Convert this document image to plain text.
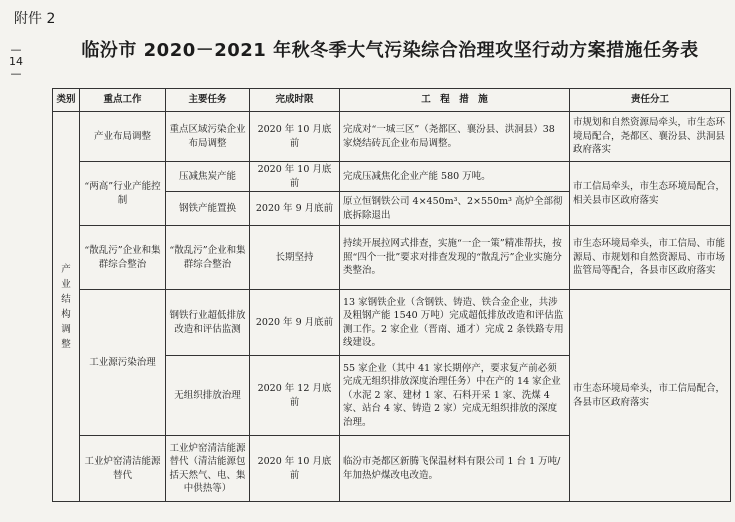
附件 2
— 14 —
临汾市 2020－2021 年秋冬季大气污染综合治理攻坚行动方案措施任务表
类别	重点工作	主要任务	完成时限	工　程　措　施	责任分工
产业结构调整	产业布局调整	重点区域污染企业布局调整	2020 年 10 月底前	完成对“一城三区”（尧都区、襄汾县、洪洞县）38 家烧结砖瓦企业布局调整。	市规划和自然资源局牵头，市生态环境局配合，尧都区、襄汾县、洪洞县政府落实
	“两高”行业产能控制	压减焦炭产能	2020 年 10 月底前	完成压减焦化企业产能 580 万吨。	市工信局牵头，市生态环境局配合，相关县市区政府落实
		钢铁产能置换	2020 年 9 月底前	原立恒钢铁公司 4×450m³、2×550m³ 高炉全部彻底拆除退出	
	“散乱污”企业和集群综合整治	“散乱污”企业和集群综合整治	长期坚持	持续开展拉网式排查，实施“一企一策”精准帮扶，按照“四个一批”要求对排查发现的“散乱污”企业实施分类整治。	市生态环境局牵头，市工信局、市能源局、市规划和自然资源局、市市场监管局等配合，各县市区政府落实
	工业源污染治理	钢铁行业超低排放改造和评估监测	2020 年 9 月底前	13 家钢铁企业（含钢铁、铸造、铁合金企业，共涉及粗钢产能 1540 万吨）完成超低排放改造和评估监测工作。2 家企业（晋南、通才）完成 2 条铁路专用线建设。	市生态环境局牵头，市工信局配合，各县市区政府落实
		无组织排放治理	2020 年 12 月底前	55 家企业（其中 41 家长期停产，要求复产前必须完成无组织排放深度治理任务）中在产的 14 家企业（水泥 2 家、建材 1 家、石料开采 1 家、洗煤 4 家、站台 4 家、铸造 2 家）完成无组织排放的深度治理。	
	工业炉窑清洁能源替代	工业炉窑清洁能源替代（清洁能源包括天然气、电、集中供热等）	2020 年 10 月底前	临汾市尧都区新腾飞保温材料有限公司 1 台 1 万吨/年加热炉煤改电改造。	
